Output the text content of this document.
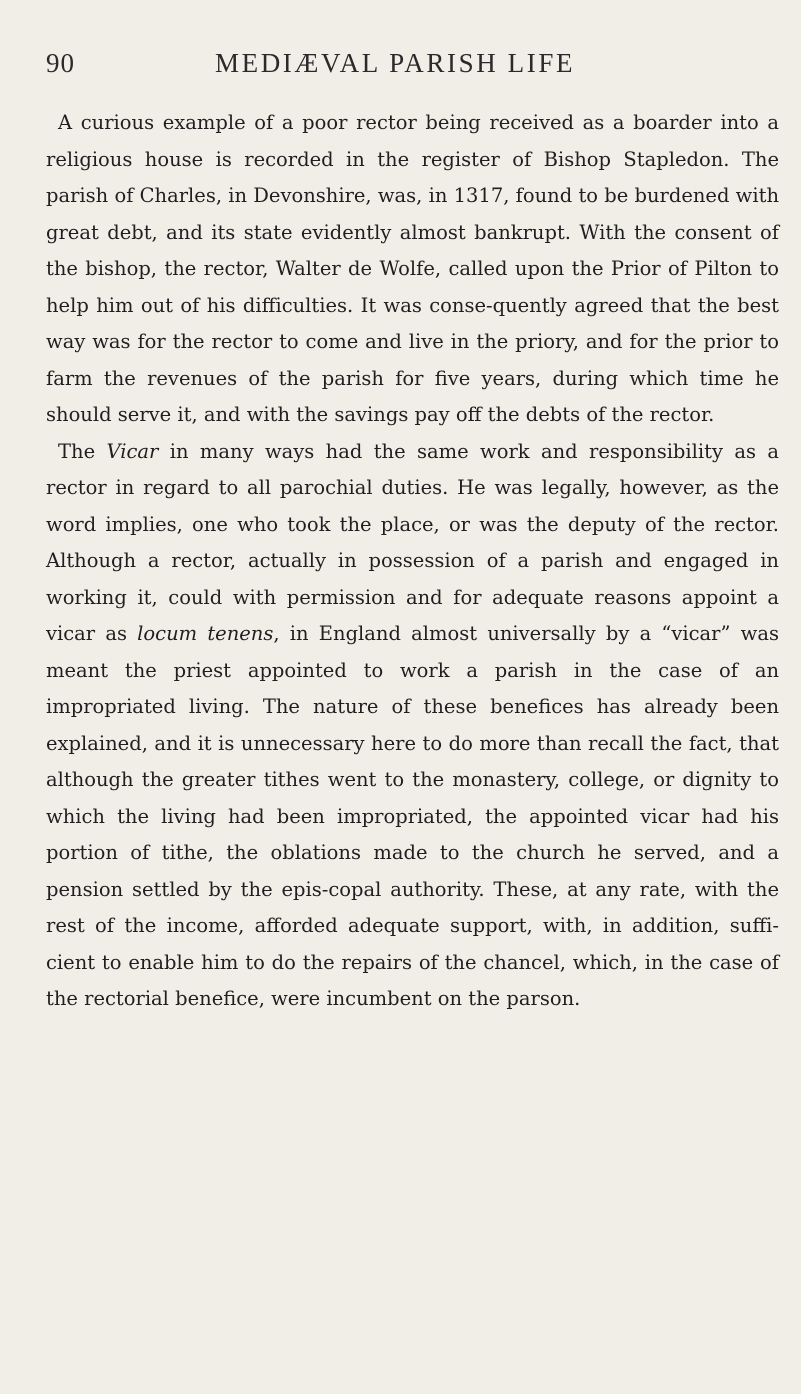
90	MEDIÆVAL PARISH LIFE

A curious example of a poor rector being received as a boarder into a religious house is recorded in the register of Bishop Stapledon. The parish of Charles, in Devonshire, was, in 1317, found to be burdened with great debt, and its state evidently almost bankrupt. With the consent of the bishop, the rector, Walter de Wolfe, called upon the Prior of Pilton to help him out of his difficulties. It was conse-quently agreed that the best way was for the rector to come and live in the priory, and for the prior to farm the revenues of the parish for five years, during which time he should serve it, and with the savings pay off the debts of the rector.

The Vicar in many ways had the same work and responsibility as a rector in regard to all parochial duties. He was legally, however, as the word implies, one who took the place, or was the deputy of the rector. Although a rector, actually in possession of a parish and engaged in working it, could with permission and for adequate reasons appoint a vicar as locum tenens, in England almost universally by a “vicar” was meant the priest appointed to work a parish in the case of an impropriated living. The nature of these benefices has already been explained, and it is unnecessary here to do more than recall the fact, that although the greater tithes went to the monastery, college, or dignity to which the living had been impropriated, the appointed vicar had his portion of tithe, the oblations made to the church he served, and a pension settled by the epis-copal authority. These, at any rate, with the rest of the income, afforded adequate support, with, in addition, suffi-cient to enable him to do the repairs of the chancel, which, in the case of the rectorial benefice, were incumbent on the parson.
